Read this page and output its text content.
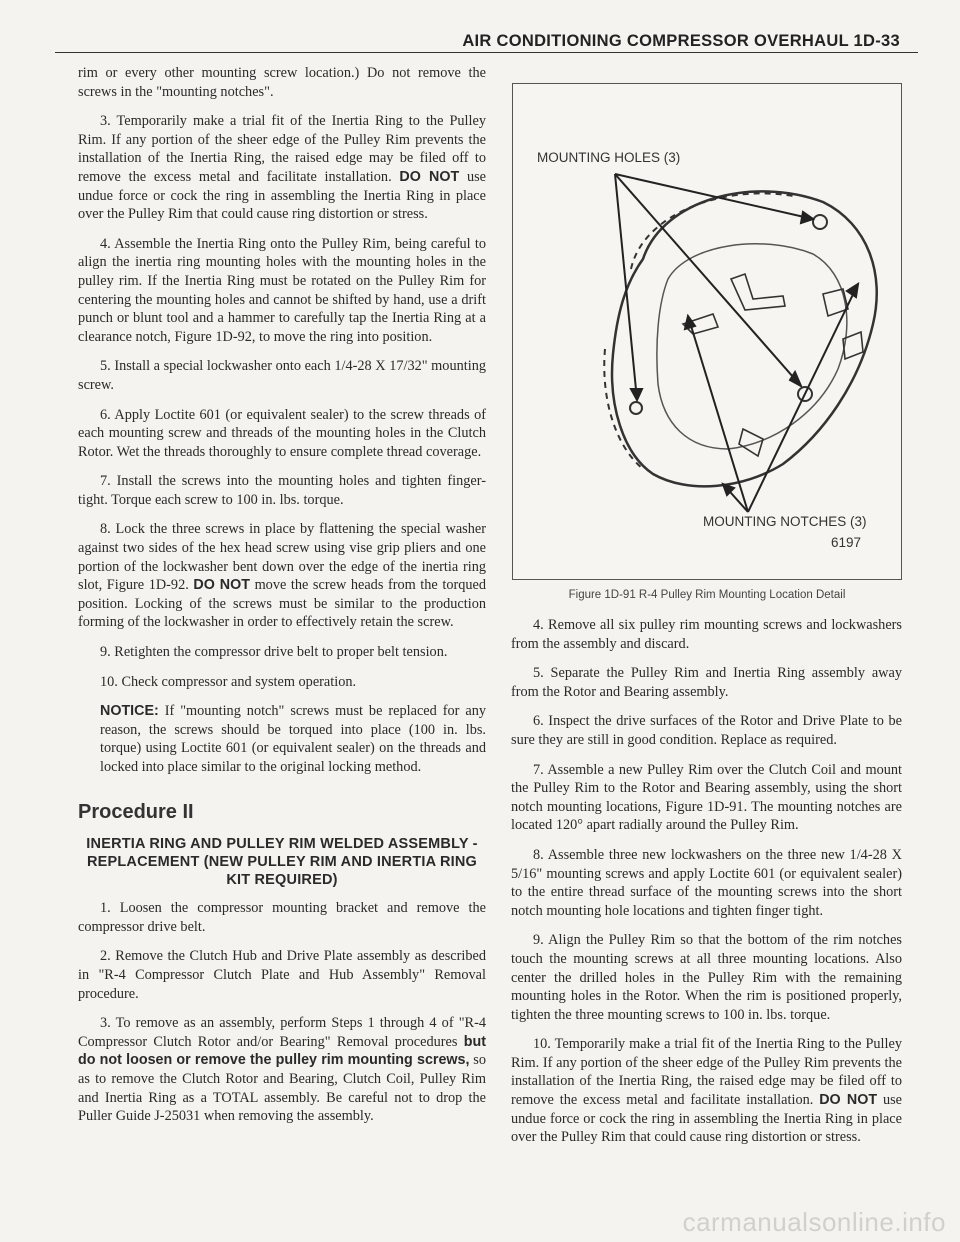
AIR CONDITIONING COMPRESSOR OVERHAUL 1D-33

rim or every other mounting screw location.) Do not remove the screws in the "mounting notches".

3. Temporarily make a trial fit of the Inertia Ring to the Pulley Rim. If any portion of the sheer edge of the Pulley Rim prevents the installation of the Inertia Ring, the raised edge may be filed off to remove the excess metal and facilitate installation. DO NOT use undue force or cock the ring in assembling the Inertia Ring in place over the Pulley Rim that could cause ring distortion or stress.

4. Assemble the Inertia Ring onto the Pulley Rim, being careful to align the inertia ring mounting holes with the mounting holes in the pulley rim. If the Inertia Ring must be rotated on the Pulley Rim for centering the mounting holes and cannot be shifted by hand, use a drift punch or blunt tool and a hammer to carefully tap the Inertia Ring at a clearance notch, Figure 1D-92, to move the ring into position.

5. Install a special lockwasher onto each 1/4-28 X 17/32" mounting screw.

6. Apply Loctite 601 (or equivalent sealer) to the screw threads of each mounting screw and threads of the mounting holes in the Clutch Rotor. Wet the threads thoroughly to ensure complete thread coverage.

7. Install the screws into the mounting holes and tighten finger-tight. Torque each screw to 100 in. lbs. torque.

8. Lock the three screws in place by flattening the special washer against two sides of the hex head screw using vise grip pliers and one portion of the lockwasher bent down over the edge of the inertia ring slot, Figure 1D-92. DO NOT move the screw heads from the torqued position. Locking of the screws must be similar to the production forming of the lockwasher in order to effectively retain the screw.

9. Retighten the compressor drive belt to proper belt tension.

10. Check compressor and system operation.

NOTICE: If "mounting notch" screws must be replaced for any reason, the screws should be torqued into place (100 in. lbs. torque) using Loctite 601 (or equivalent sealer) on the threads and locked into place similar to the original locking method.

Procedure II
INERTIA RING AND PULLEY RIM WELDED ASSEMBLY - REPLACEMENT (NEW PULLEY RIM AND INERTIA RING KIT REQUIRED)

1. Loosen the compressor mounting bracket and remove the compressor drive belt.

2. Remove the Clutch Hub and Drive Plate assembly as described in "R-4 Compressor Clutch Plate and Hub Assembly" Removal procedure.

3. To remove as an assembly, perform Steps 1 through 4 of "R-4 Compressor Clutch Rotor and/or Bearing" Removal procedures but do not loosen or remove the pulley rim mounting screws, so as to remove the Clutch Rotor and Bearing, Clutch Coil, Pulley Rim and Inertia Ring as a TOTAL assembly. Be careful not to drop the Puller Guide J-25031 when removing the assembly.

MOUNTING HOLES (3)
MOUNTING NOTCHES (3)
6197
Figure 1D-91 R-4 Pulley Rim Mounting Location Detail

4. Remove all six pulley rim mounting screws and lockwashers from the assembly and discard.

5. Separate the Pulley Rim and Inertia Ring assembly away from the Rotor and Bearing assembly.

6. Inspect the drive surfaces of the Rotor and Drive Plate to be sure they are still in good condition. Replace as required.

7. Assemble a new Pulley Rim over the Clutch Coil and mount the Pulley Rim to the Rotor and Bearing assembly, using the short notch mounting locations, Figure 1D-91. The mounting notches are located 120° apart radially around the Pulley Rim.

8. Assemble three new lockwashers on the three new 1/4-28 X 5/16" mounting screws and apply Loctite 601 (or equivalent sealer) to the entire thread surface of the mounting screws into the short notch mounting hole locations and tighten finger tight.

9. Align the Pulley Rim so that the bottom of the rim notches touch the mounting screws at all three mounting locations. Also center the drilled holes in the Pulley Rim with the remaining mounting holes in the Rotor. When the rim is positioned properly, tighten the three mounting screws to 100 in. lbs. torque.

10. Temporarily make a trial fit of the Inertia Ring to the Pulley Rim. If any portion of the sheer edge of the Pulley Rim prevents the installation of the Inertia Ring, the raised edge may be filed off to remove the excess metal and facilitate installation. DO NOT use undue force or cock the ring in assembling the Inertia Ring in place over the Pulley Rim that could cause ring distortion or stress.

carmanualsonline.info
